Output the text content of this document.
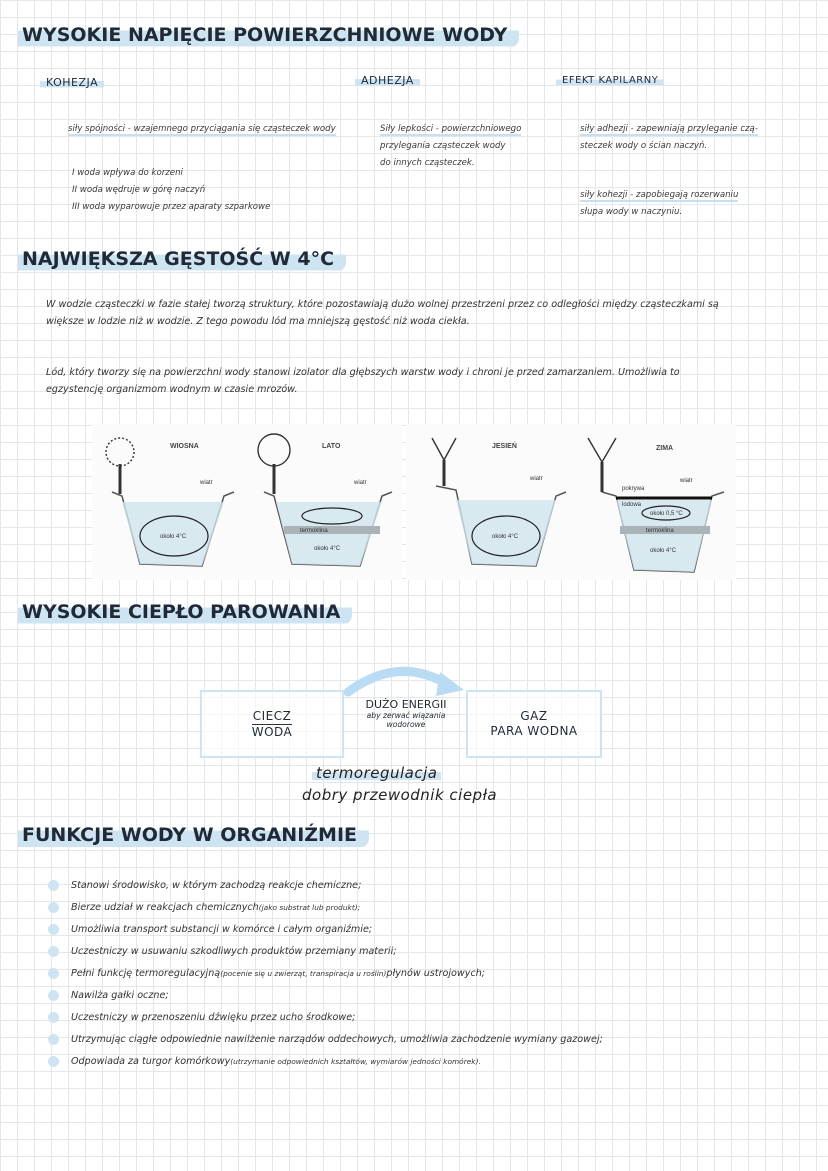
WYSOKIE NAPIĘCIE POWIERZCHNIOWE WODY
KOHEZJA	ADHEZJA	EFEKT KAPILARNY
siły spójności - wzajemnego przyciągania się cząsteczek wody
I woda wpływa do korzeni
II woda wędruje w górę naczyń
III woda wyparowuje przez aparaty szparkowe
Siły lepkości - powierzchniowego
przylegania cząsteczek wody
do innych cząsteczek.
siły adhezji - zapewniają przyleganie czą-
steczek wody o ścian naczyń.
siły kohezji - zapobiegają rozerwaniu
słupa wody w naczyniu.
NAJWIĘKSZA GĘSTOŚĆ W 4°C
W wodzie cząsteczki w fazie stałej tworzą struktury, które pozostawiają dużo wolnej przestrzeni przez co odległości między cząsteczkami są
większe w lodzie niż w wodzie. Z tego powodu lód ma mniejszą gęstość niż woda ciekła.
Lód, który tworzy się na powierzchni wody stanowi izolator dla głębszych warstw wody i chroni je przed zamarzaniem. Umożliwia to
egzystencję organizmom wodnym w czasie mrozów.
WIOSNA
około 4°C
wiatr
LATO
termoklina
około 4°C
wiatr
JESIEŃ
około 4°C
wiatr
ZIMA
pokrywa
lodowa
około 0,5 °C
termoklina
około 4°C
wiatr
WYSOKIE CIEPŁO PAROWANIA
CIECZ
WODA
DUŻO ENERGII
aby zerwać wiązania
wodorowe
GAZ
PARA WODNA
termoregulacja
dobry przewodnik ciepła
FUNKCJE WODY W ORGANIŹMIE
Stanowi środowisko, w którym zachodzą reakcje chemiczne;
Bierze udział w reakcjach chemicznych (jako substrat lub produkt);
Umożliwia transport substancji w komórce i całym organiźmie;
Uczestniczy w usuwaniu szkodliwych produktów przemiany materii;
Pełni funkcję termoregulacyjną (pocenie się u zwierząt, transpiracja u roślin) płynów ustrojowych;
Nawilża gałki oczne;
Uczestniczy w przenoszeniu dźwięku przez ucho środkowe;
Utrzymując ciągłe odpowiednie nawilżenie narządów oddechowych, umożliwia zachodzenie wymiany gazowej;
Odpowiada za turgor komórkowy (utrzymanie odpowiednich kształtów, wymiarów jedności komórek).
